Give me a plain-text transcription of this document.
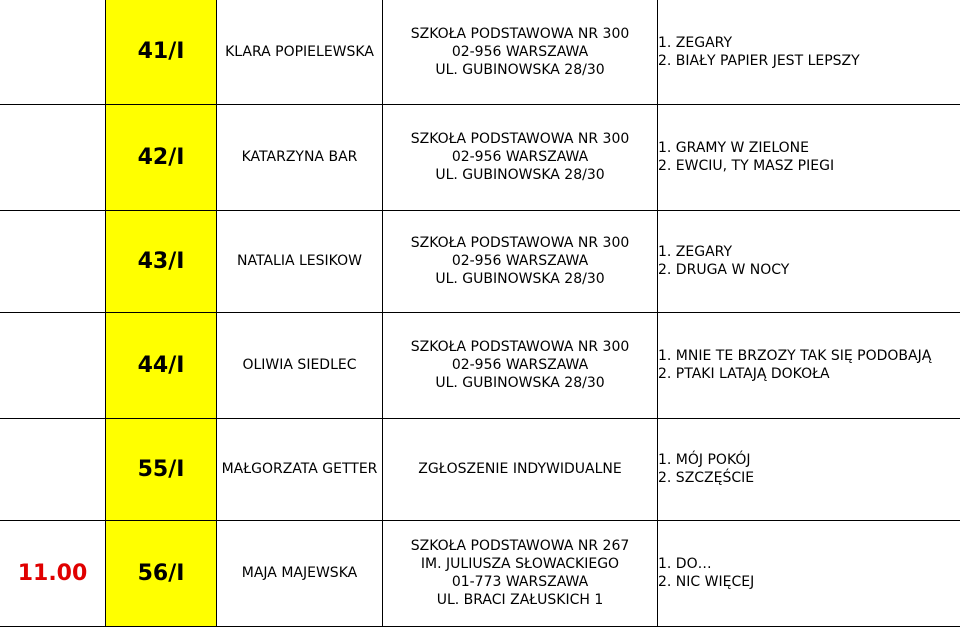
	41/I	KLARA POPIELEWSKA	SZKOŁA PODSTAWOWA NR 300
02-956 WARSZAWA
UL. GUBINOWSKA 28/30	1. ZEGARY
2. BIAŁY PAPIER JEST LEPSZY

	42/I	KATARZYNA BAR	SZKOŁA PODSTAWOWA NR 300
02-956 WARSZAWA
UL. GUBINOWSKA 28/30	1. GRAMY W ZIELONE
2. EWCIU, TY MASZ PIEGI

	43/I	NATALIA LESIKOW	SZKOŁA PODSTAWOWA NR 300
02-956 WARSZAWA
UL. GUBINOWSKA 28/30	1. ZEGARY
2. DRUGA W NOCY

	44/I	OLIWIA SIEDLEC	SZKOŁA PODSTAWOWA NR 300
02-956 WARSZAWA
UL. GUBINOWSKA 28/30	1. MNIE TE BRZOZY TAK SIĘ PODOBAJĄ
2. PTAKI LATAJĄ DOKOŁA

	55/I	MAŁGORZATA GETTER	ZGŁOSZENIE INDYWIDUALNE	1. MÓJ POKÓJ
2. SZCZĘŚCIE

11.00	56/I	MAJA MAJEWSKA	SZKOŁA PODSTAWOWA NR 267
IM. JULIUSZA SŁOWACKIEGO
01-773 WARSZAWA
UL. BRACI ZAŁUSKICH 1	1. DO…
2. NIC WIĘCEJ
